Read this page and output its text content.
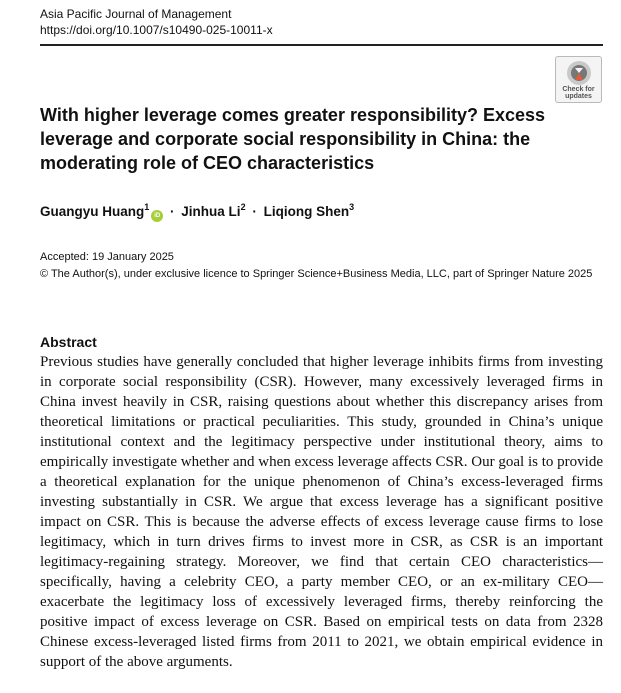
Asia Pacific Journal of Management
https://doi.org/10.1007/s10490-025-10011-x
Check for
updates
With higher leverage comes greater responsibility? Excess leverage and corporate social responsibility in China: the moderating role of CEO characteristics
Guangyu Huang$^1$iD · Jinhua $Li^2$ · Liqiong Shen$^3$
Accepted: 19 January 2025
© The Author(s), under exclusive licence to Springer Science+Business Media, LLC, part of Springer Nature 2025
Abstract

Previous studies have generally concluded that higher leverage inhibits firms from investing in corporate social responsibility (CSR). However, many excessively leveraged firms in China invest heavily in CSR, raising questions about whether this discrepancy arises from theoretical limitations or practical peculiarities. This study, grounded in China’s unique institutional context and the legitimacy perspective under institutional theory, aims to empirically investigate whether and when excess leverage affects CSR. Our goal is to provide a theoretical explanation for the unique phenomenon of China’s excess-leveraged firms investing substantially in CSR. We argue that excess leverage has a significant positive impact on CSR. This is because the adverse effects of excess leverage cause firms to lose legitimacy, which in turn drives firms to invest more in CSR, as CSR is an important legitimacy-regaining strategy. Moreover, we find that certain CEO characteristics—specifically, having a celebrity CEO, a party member CEO, or an ex-military CEO—exacerbate the legitimacy loss of excessively leveraged firms, thereby reinforcing the positive impact of excess leverage on CSR. Based on empirical tests on data from 2328 Chinese excess-leveraged listed firms from 2011 to 2021, we obtain empirical evidence in support of the above arguments.
